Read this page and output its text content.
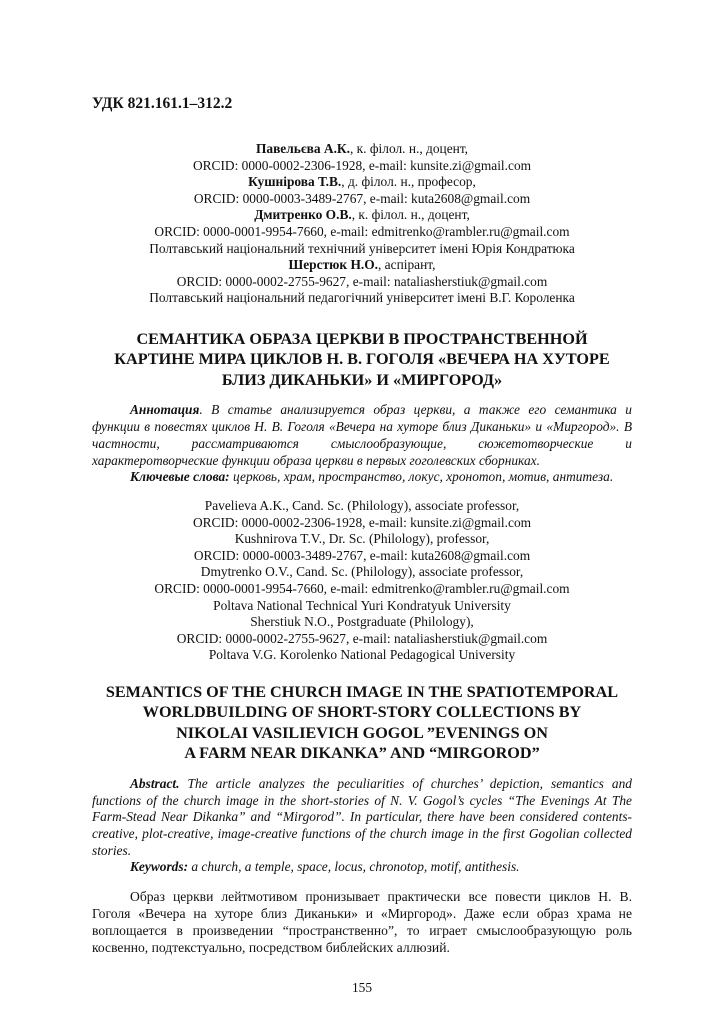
УДК 821.161.1–312.2
Павельєва А.К., к. філол. н., доцент,
ORCID: 0000-0002-2306-1928, e-mail: kunsite.zi@gmail.com
Кушнірова Т.В., д. філол. н., професор,
ORCID: 0000-0003-3489-2767, e-mail: kuta2608@gmail.com
Дмитренко О.В., к. філол. н., доцент,
ORCID: 0000-0001-9954-7660, e-mail: edmitrenko@rambler.ru@gmail.com
Полтавський національний технічний університет імені Юрія Кондратюка
Шерстюк Н.О., аспірант,
ORCID: 0000-0002-2755-9627, e-mail: nataliasherstiuk@gmail.com
Полтавський національний педагогічний університет імені В.Г. Короленка
СЕМАНТИКА ОБРАЗА ЦЕРКВИ В ПРОСТРАНСТВЕННОЙ
КАРТИНЕ МИРА ЦИКЛОВ Н. В. ГОГОЛЯ «ВЕЧЕРА НА ХУТОРЕ
БЛИЗ ДИКАНЬКИ» И «МИРГОРОД»

Аннотация. В статье анализируется образ церкви, а также его семантика и функции в повестях циклов Н. В. Гоголя «Вечера на хуторе близ Диканьки» и «Миргород». В частности, рассматриваются смыслообразующие, сюжетотворческие и характеротворческие функции образа церкви в первых гоголевских сборниках.

Ключевые слова: церковь, храм, пространство, локус, хронотоп, мотив, антитеза.

Pavelieva A.K., Cand. Sc. (Philology), associate professor,
ORCID: 0000-0002-2306-1928, e-mail: kunsite.zi@gmail.com
Kushnirova T.V., Dr. Sc. (Philology), professor,
ORCID: 0000-0003-3489-2767, e-mail: kuta2608@gmail.com
Dmytrenko O.V., Cand. Sc. (Philology), associate professor,
ORCID: 0000-0001-9954-7660, e-mail: edmitrenko@rambler.ru@gmail.com
Poltava National Technical Yuri Kondratyuk University
Sherstiuk N.O., Postgraduate (Philology),
ORCID: 0000-0002-2755-9627, e-mail: nataliasherstiuk@gmail.com
Poltava V.G. Korolenko National Pedagogical University
SEMANTICS OF THE CHURCH IMAGE IN THE SPATIOTEMPORAL
WORLDBUILDING OF SHORT-STORY COLLECTIONS BY
NIKOLAI VASILIEVICH GOGOL ”EVENINGS ON
A FARM NEAR DIKANKA” AND “MIRGOROD”

Abstract. The article analyzes the peculiarities of churches’ depiction, semantics and functions of the church image in the short-stories of N. V. Gogol’s cycles “The Evenings At The Farm-Stead Near Dikanka” and “Mirgorod”. In particular, there have been considered contents-creative, plot-creative, image-creative functions of the church image in the first Gogolian collected stories.

Keywords: a church, a temple, space, locus, chronotop, motif, antithesis.

Образ церкви лейтмотивом пронизывает практически все повести циклов Н. В. Гоголя «Вечера на хуторе близ Диканьки» и «Миргород». Даже если образ храма не воплощается в произведении “пространственно”, то играет смыслообразующую роль косвенно, подтекстуально, посредством библейских аллюзий.

155
